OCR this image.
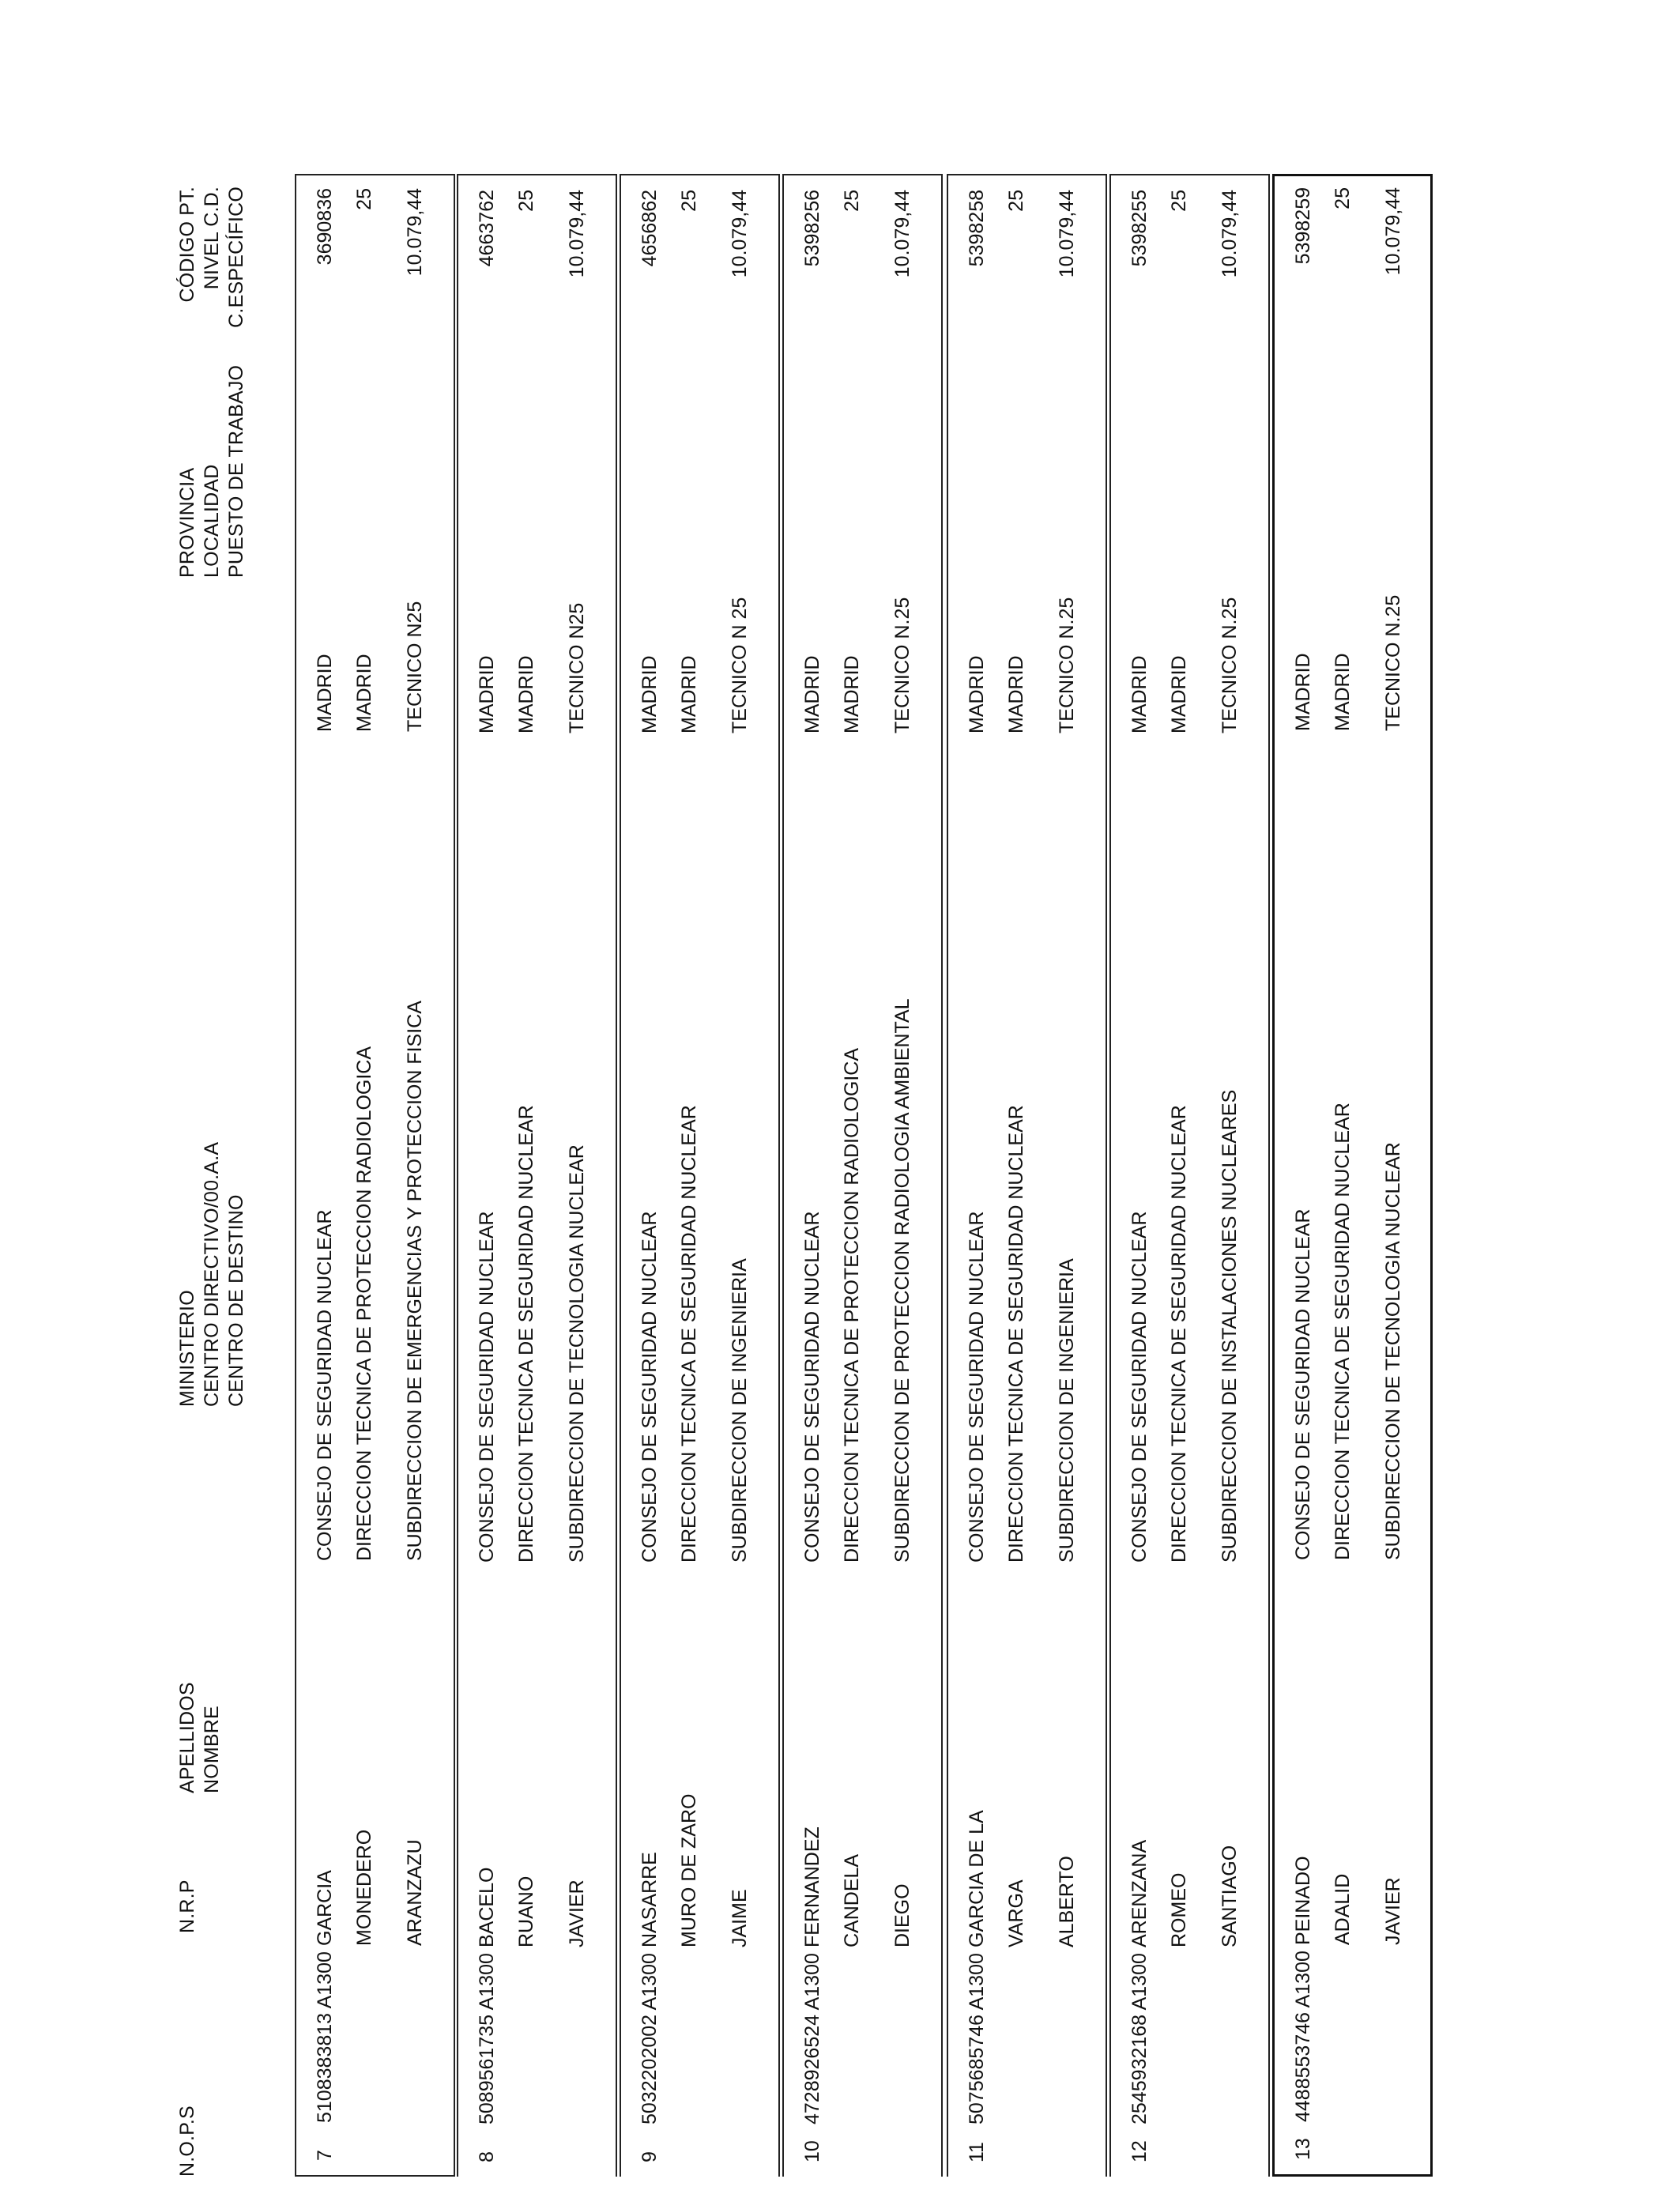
N.O.P.S
N.R.P
APELLIDOS NOMBRE
MINISTERIO CENTRO DIRECTIVO/00.A.A CENTRO DE DESTINO
PROVINCIA LOCALIDAD PUESTO DE TRABAJO
CÓDIGO PT. NIVEL C.D. C.ESPECÍFICO
7
5108383813 A1300
GARCIA
CONSEJO DE SEGURIDAD NUCLEAR
MADRID
3690836
MONEDERO
DIRECCION TECNICA DE PROTECCION RADIOLOGICA
MADRID
25
ARANZAZU
SUBDIRECCION DE EMERGENCIAS Y PROTECCION FISICA
TECNICO N25
10.079,44
8
5089561735 A1300
BACELO
CONSEJO DE SEGURIDAD NUCLEAR
MADRID
4663762
RUANO
DIRECCION TECNICA DE SEGURIDAD NUCLEAR
MADRID
25
JAVIER
SUBDIRECCION DE TECNOLOGIA NUCLEAR
TECNICO N25
10.079,44
9
5032202002 A1300
NASARRE
CONSEJO DE SEGURIDAD NUCLEAR
MADRID
4656862
MURO DE ZARO
DIRECCION TECNICA DE SEGURIDAD NUCLEAR
MADRID
25
JAIME
SUBDIRECCION DE INGENIERIA
TECNICO N 25
10.079,44
10
4728926524 A1300
FERNANDEZ
CONSEJO DE SEGURIDAD NUCLEAR
MADRID
5398256
CANDELA
DIRECCION TECNICA DE PROTECCION RADIOLOGICA
MADRID
25
DIEGO
SUBDIRECCION DE PROTECCION RADIOLOGIA AMBIENTAL
TECNICO N.25
10.079,44
11
5075685746 A1300
GARCIA DE LA
CONSEJO DE SEGURIDAD NUCLEAR
MADRID
5398258
VARGA
DIRECCION TECNICA DE SEGURIDAD NUCLEAR
MADRID
25
ALBERTO
SUBDIRECCION DE INGENIERIA
TECNICO N.25
10.079,44
12
2545932168 A1300
ARENZANA
CONSEJO DE SEGURIDAD NUCLEAR
MADRID
5398255
ROMEO
DIRECCION TECNICA DE SEGURIDAD NUCLEAR
MADRID
25
SANTIAGO
SUBDIRECCION DE INSTALACIONES NUCLEARES
TECNICO N.25
10.079,44
13
4488553746 A1300
PEINADO
CONSEJO DE SEGURIDAD NUCLEAR
MADRID
5398259
ADALID
DIRECCION TECNICA DE SEGURIDAD NUCLEAR
MADRID
25
JAVIER
SUBDIRECCION DE TECNOLOGIA NUCLEAR
TECNICO N.25
10.079,44
